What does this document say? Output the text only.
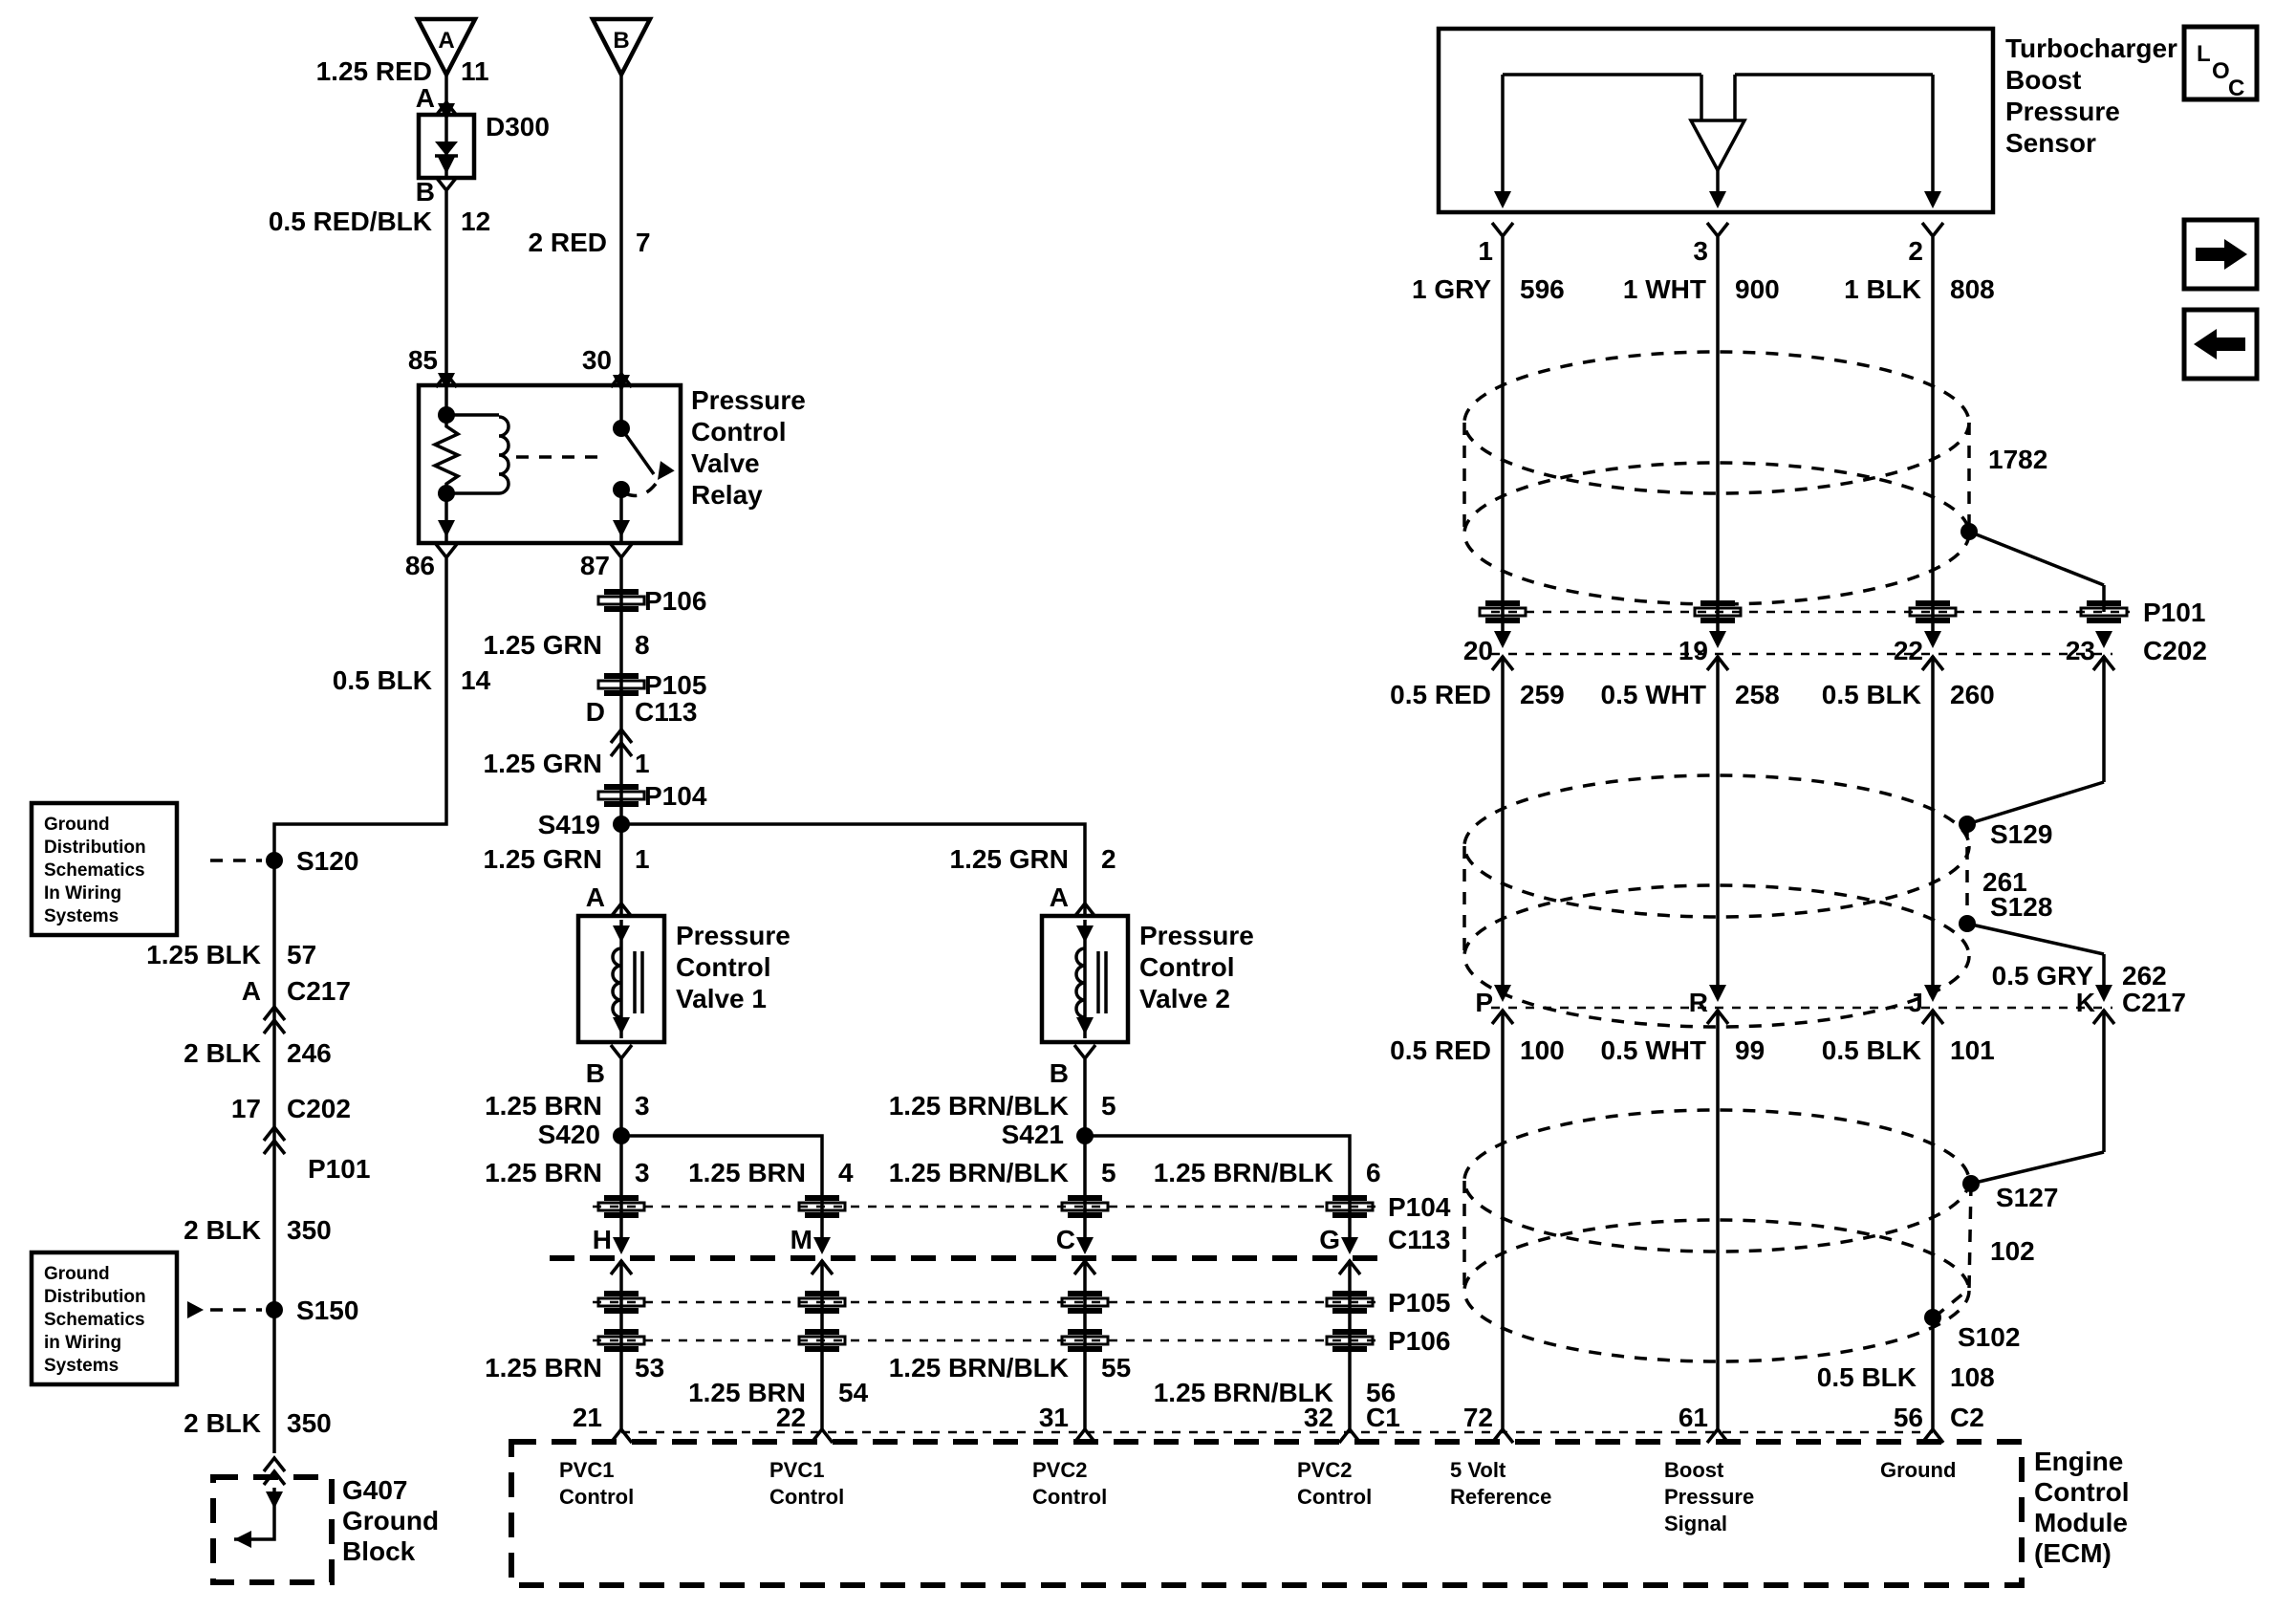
A	B
1.25 RED 11
A
D300
B
0.5 RED/BLK 12
2 RED 7
85	30
Pressure
Control
Valve
Relay
86	87
0.5 BLK 14
Ground
Distribution
Schematics
In Wiring
Systems
S120
1.25 BLK 57
A C217
2 BLK 246
17 C202
P101
2 BLK 350
Ground
Distribution
Schematics
in Wiring
Systems
S150
2 BLK 350
G407
Ground
Block
P106
1.25 GRN 8
P105
D C113
1.25 GRN 1
P104
S419
1.25 GRN 1	1.25 GRN 2
A	A
Pressure
Control
Valve 1
Pressure
Control
Valve 2
B	B
1.25 BRN 3	1.25 BRN/BLK 5
S420	S421
1.25 BRN 3 1.25 BRN 4 1.25 BRN/BLK 5 1.25 BRN/BLK 6
P104
H	M	C	G C113
P105
P106
1.25 BRN 53
1.25 BRN 54
1.25 BRN/BLK 55
1.25 BRN/BLK 56
Turbocharger
Boost
Pressure
Sensor
1	3	2
1 GRY 596 1 WHT 900 1 BLK 808
1782
P101
20	19	22	23 C202
0.5 RED 259 0.5 WHT 258 0.5 BLK 260
S129
261
S128
0.5 GRY 262
P	R	J	K C217
0.5 RED 100 0.5 WHT 99 0.5 BLK 101
S127
102
S102
0.5 BLK 108
21	22	31	32 C1 72	61	56 C2
PVC1
Control
PVC1
Control
PVC2
Control
PVC2
Control
5 Volt
Reference
Boost
Pressure
Signal
Ground	Engine
Control
Module
(ECM)
L
O
C
